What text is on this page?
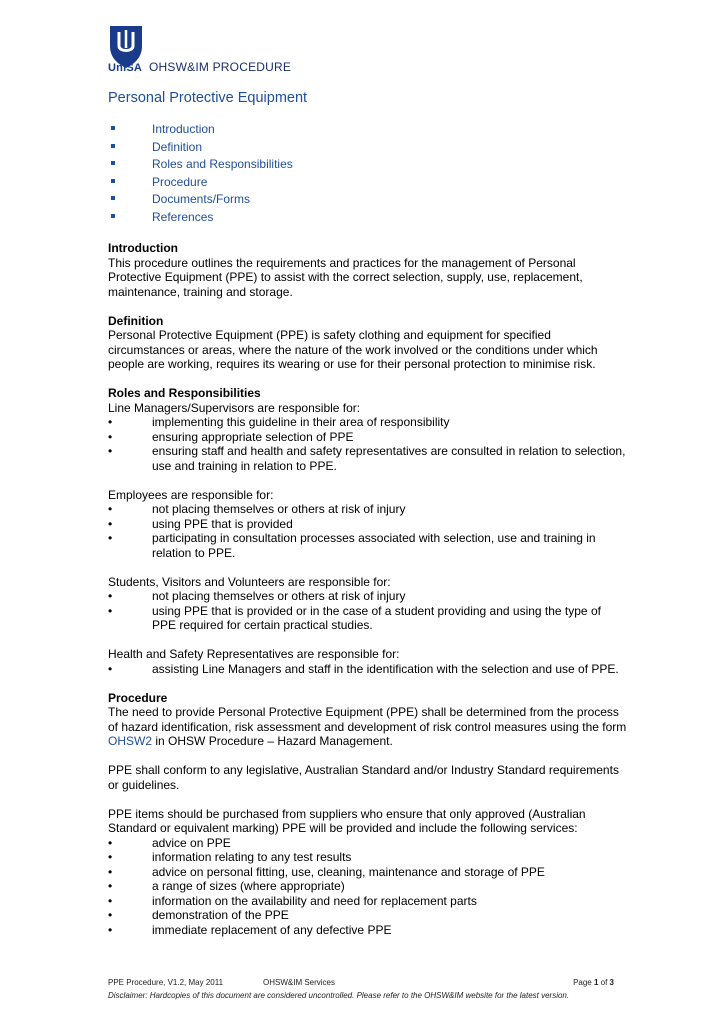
UniSA OHSW&IM PROCEDURE
Personal Protective Equipment
Introduction
Definition
Roles and Responsibilities
Procedure
Documents/Forms
References

Introduction

This procedure outlines the requirements and practices for the management of Personal Protective Equipment (PPE) to assist with the correct selection, supply, use, replacement, maintenance, training and storage.

Definition

Personal Protective Equipment (PPE) is safety clothing and equipment for specified circumstances or areas, where the nature of the work involved or the conditions under which people are working, requires its wearing or use for their personal protection to minimise risk.

Roles and Responsibilities

Line Managers/Supervisors are responsible for:

•	implementing this guideline in their area of responsibility
•	ensuring appropriate selection of PPE
•	ensuring staff and health and safety representatives are consulted in relation to selection, use and training in relation to PPE.

Employees are responsible for:

•	not placing themselves or others at risk of injury
•	using PPE that is provided
•	participating in consultation processes associated with selection, use and training in relation to PPE.

Students, Visitors and Volunteers are responsible for:

•	not placing themselves or others at risk of injury
•	using PPE that is provided or in the case of a student providing and using the type of PPE required for certain practical studies.

Health and Safety Representatives are responsible for:

•	assisting Line Managers and staff in the identification with the selection and use of PPE.

Procedure

The need to provide Personal Protective Equipment (PPE) shall be determined from the process of hazard identification, risk assessment and development of risk control measures using the form OHSW2 in OHSW Procedure – Hazard Management.

PPE shall conform to any legislative, Australian Standard and/or Industry Standard requirements or guidelines.

PPE items should be purchased from suppliers who ensure that only approved (Australian Standard or equivalent marking) PPE will be provided and include the following services:

•	advice on PPE
•	information relating to any test results
•	advice on personal fitting, use, cleaning, maintenance and storage of PPE
•	a range of sizes (where appropriate)
•	information on the availability and need for replacement parts
•	demonstration of the PPE
•	immediate replacement of any defective PPE
PPE Procedure, V1.2, May 2011	OHSW&IM Services	Page 1 of 3
Disclaimer: Hardcopies of this document are considered uncontrolled. Please refer to the OHSW&IM website for the latest version.
